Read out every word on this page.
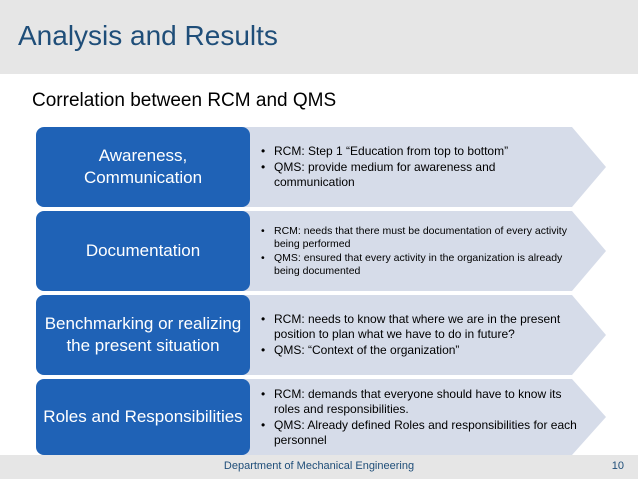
Analysis and Results
Correlation between RCM and QMS
Awareness, Communication
• RCM: Step 1 “Education from top to bottom”
• QMS: provide medium for awareness and communication
Documentation
• RCM: needs that there must be documentation of every activity being performed
• QMS: ensured that every activity in the organization is already being documented
Benchmarking or realizing the present situation
• RCM: needs to know that where we are in the present position to plan what we have to do in future?
• QMS: “Context of the organization”
Roles and Responsibilities
• RCM: demands that everyone should have to know its roles and responsibilities.
• QMS: Already defined Roles and responsibilities for each personnel
Department of Mechanical Engineering	10
